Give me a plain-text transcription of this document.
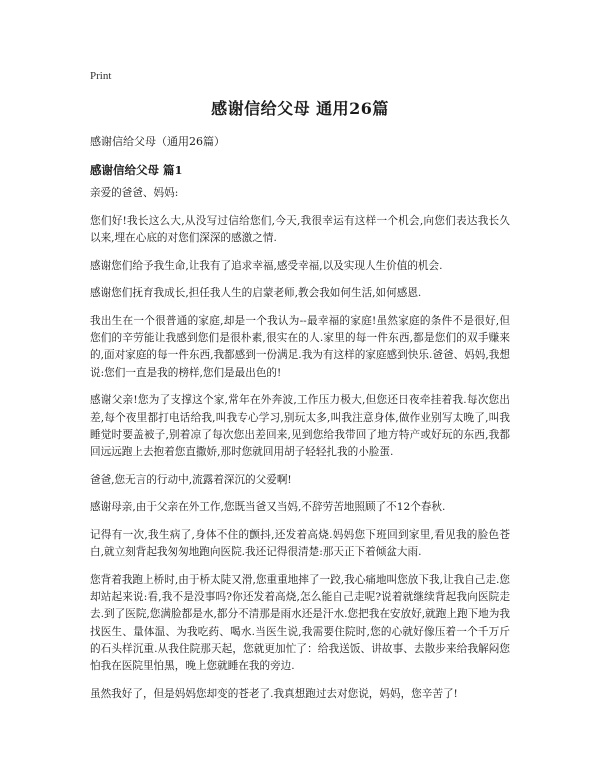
Print
感谢信给父母 通用26篇
感谢信给父母（通用26篇）
感谢信给父母 篇1

亲爱的爸爸、妈妈:

您们好!我长这么大,从没写过信给您们,今天,我很幸运有这样一个机会,向您们表达我长久以来,埋在心底的对您们深深的感激之情.

感谢您们给予我生命,让我有了追求幸福,感受幸福,以及实现人生价值的机会.

感谢您们抚育我成长,担任我人生的启蒙老师,教会我如何生活,如何感恩.

我出生在一个很普通的家庭,却是一个我认为--最幸福的家庭!虽然家庭的条件不是很好,但您们的辛劳能让我感到您们是很朴素,很实在的人.家里的每一件东西,都是您们的双手赚来的,面对家庭的每一件东西,我都感到一份满足.我为有这样的家庭感到快乐.爸爸、妈妈,我想说:您们一直是我的榜样,您们是最出色的!

感谢父亲!您为了支撑这个家,常年在外奔波,工作压力极大,但您还日夜牵挂着我.每次您出差,每个夜里都打电话给我,叫我专心学习,别玩太多,叫我注意身体,做作业别写太晚了,叫我睡觉时要盖被子,别着凉了每次您出差回来,见到您给我带回了地方特产或好玩的东西,我都回远远跑上去抱着您直撒娇,那时您就回用胡子轻轻扎我的小脸蛋.

爸爸,您无言的行动中,流露着深沉的父爱啊!

感谢母亲,由于父亲在外工作,您既当爸又当妈,不辞劳苦地照顾了不12个春秋.

记得有一次,我生病了,身体不住的颤抖,还发着高烧.妈妈您下班回到家里,看见我的脸色苍白,就立刻背起我匆匆地跑向医院.我还记得很清楚:那天正下着倾盆大雨.

您背着我跑上桥时,由于桥太陡又滑,您重重地摔了一跤,我心痛地叫您放下我,让我自己走.您却站起来说:看,我不是没事吗?你还发着高烧,怎么能自己走呢?说着就继续背起我向医院走去.到了医院,您满脸都是水,都分不清那是雨水还是汗水.您把我在安放好,就跑上跑下地为我找医生、量体温、为我吃药、喝水.当医生说,我需要住院时,您的心就好像压着一个千万斤的石头样沉重.从我住院那天起，您就更加忙了：给我送饭、讲故事、去散步来给我解闷您怕我在医院里怕黑，晚上您就睡在我的旁边.

虽然我好了，但是妈妈您却变的苍老了.我真想跑过去对您说，妈妈，您辛苦了!
